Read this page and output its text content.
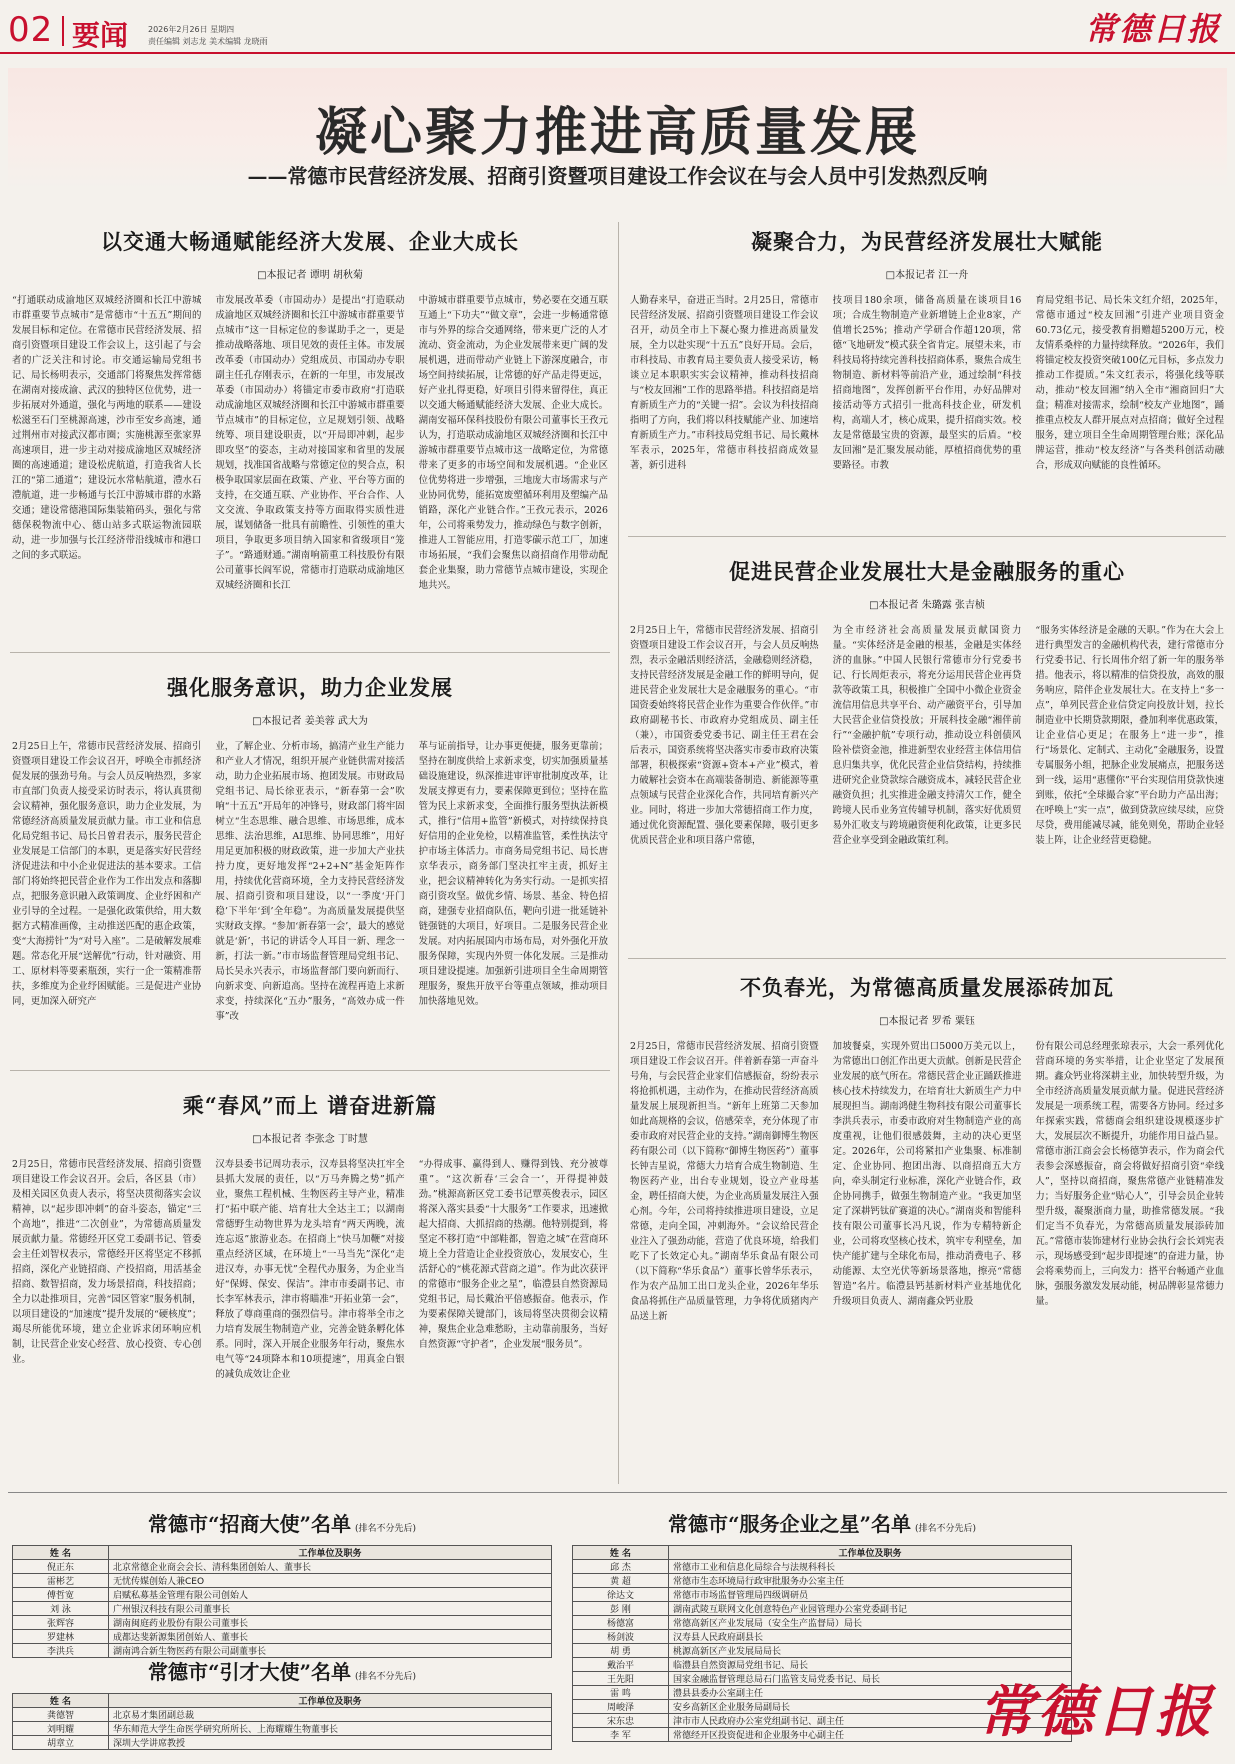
02 要闻 2026年2月26日 星期四
责任编辑 刘志龙 美术编辑 龙晓雨	常德日报
凝心聚力推进高质量发展
——常德市民营经济发展、招商引资暨项目建设工作会议在与会人员中引发热烈反响
以交通大畅通赋能经济大发展、企业大成长
□本报记者 谭明 胡秋菊

“打通联动成渝地区双城经济圈和长江中游城市群重要节点城市”是常德市“十五五”期间的发展目标和定位。在常德市民营经济发展、招商引资暨项目建设工作会议上，这引起了与会者的广泛关注和讨论。市交通运输局党组书记、局长杨明表示，交通部门将聚焦发挥常德在湖南对接成渝、武汉的独特区位优势，进一步拓展对外通道，强化与两地的联系——建设松滋至石门至桃源高速，沙市至安乡高速，通过荆州市对接武汉都市圈；实施桃源至张家界高速项目，进一步主动对接成渝地区双城经济圈的高速通道；建设松虎航道，打造我省人长江的“第二通道”；建设沅水常帖航道，澧水石澧航道，进一步畅通与长江中游城市群的水路交通；建设常德港国际集装箱码头，强化与常德保税物流中心、德山站多式联运物流园联动，进一步加强与长江经济带沿线城市和港口之间的多式联运。

市发展改革委（市国动办）是提出“打造联动成渝地区双城经济圈和长江中游城市群重要节点城市”这一目标定位的参谋助手之一，更是推动战略落地、项目见效的责任主体。市发展改革委（市国动办）党组成员、市国动办专职副主任孔存刚表示，在新的一年里，市发展改革委（市国动办）将锚定市委市政府“打造联动成渝地区双城经济圈和长江中游城市群重要节点城市”的目标定位，立足规划引领、战略统筹、项目建设职责，以“开局即冲刺，起步即攻坚”的姿态，主动对接国家和省里的发展规划，找准国省战略与常德定位的契合点，积极争取国家层面在政策、产业、平台等方面的支持，在交通互联、产业协作、平台合作、人文交流、争取政策支持等方面取得实质性进展，谋划储备一批具有前瞻性、引领性的重大项目，争取更多项目纳入国家和省级项目“笼子”。“路通财通。”湖南响箭重工科技股份有限公司董事长阎军说，常德市打造联动成渝地区双城经济圈和长江

中游城市群重要节点城市，势必要在交通互联互通上“下功夫”“做文章”，会进一步畅通常德市与外界的综合交通网络，带来更广泛的人才流动、资金流动，为企业发展带来更广阔的发展机遇，进而带动产业链上下游深度融合，市场空间持续拓展，让常德的好产品走得更远，好产业扎得更稳，好项目引得来留得住，真正以交通大畅通赋能经济大发展、企业大成长。湖南安福环保科技股份有限公司董事长王孜元认为，打造联动成渝地区双城经济圈和长江中游城市群重要节点城市这一战略定位，为常德带来了更多的市场空间和发展机遇。“企业区位优势将进一步增强，三地庞大市场需求与产业协同优势，能拓宽废塑循环利用及塑编产品销路，深化产业链合作。”王孜元表示，2026年，公司将乘势发力，推动绿色与数字创新，推进人工智能应用，打造零碳示范工厂，加速市场拓展，“我们会聚焦以商招商作用带动配套企业集聚，助力常德节点城市建设，实现企地共兴。

凝聚合力，为民营经济发展壮大赋能
□本报记者 江一舟

人勤春来早，奋进正当时。2月25日，常德市民营经济发展、招商引资暨项目建设工作会议召开，动员全市上下凝心聚力推进高质量发展，全力以赴实现“十五五”良好开局。会后，市科技局、市教育局主要负责人接受采访，畅谈立足本职职实实会议精神，推动科技招商与“校友回湘”工作的思路举措。科技招商是培育新质生产力的“关键一招”。会议为科技招商指明了方向，我们将以科技赋能产业、加速培育新质生产力。”市科技局党组书记、局长戴林军表示，2025年，常德市科技招商成效显著，新引进科

技项目180余项，储备高质量在谈项目16项；合成生物制造产业新增链上企业8家，产值增长25%；推动产学研合作超120项，常德“飞地研发”模式获全省肯定。展望未来，市科技局将持续完善科技招商体系，聚焦合成生物制造、新材料等前沿产业，通过绘制“科技招商地图”，发挥创新平台作用，办好品牌对接活动等方式招引一批高科技企业，研发机构，高端人才，核心成果，提升招商实效。校友是常德最宝贵的资源，最坚实的后盾。“校友回湘”是汇聚发展动能，厚植招商优势的重要路径。市教

育局党组书记、局长朱文红介绍，2025年，常德市通过“校友回湘”引进产业项目资金60.73亿元，接受教育捐赠超5200万元，校友情系桑梓的力量持续释放。“2026年，我们将锚定校友投资突破100亿元目标，多点发力推动工作提质。”朱文红表示，将强化线等联动，推动“校友回湘”纳入全市“湘商回归”大盘；精准对接需求，绘制“校友产业地图”，踊推重点校友人群开展点对点招商；做好全过程服务，建立项目全生命周期管理台账；深化品牌运营，推动“校友经济”与各类科创活动融合，形成双向赋能的良性循环。

促进民营企业发展壮大是金融服务的重心
□本报记者 朱璐露 张吉桢

2月25日上午，常德市民营经济发展、招商引资暨项目建设工作会议召开，与会人员反响热烈，表示金融活则经济活，金融稳则经济稳，支持民营经济发展是金融工作的鲜明导向，促进民营企业发展壮大是金融服务的重心。“市国资委始终将民营企业作为重要合作伙伴。”市政府副秘书长、市政府办党组成员、副主任（兼），市国资委党委书记、副主任王君在会后表示，国资系统将坚决落实市委市政府决策部署，积极探索“资源+资本+产业”模式，着力破解社会资本在高端装备制造、新能源等重点领域与民营企业深化合作，共同培育新兴产业。同时，将进一步加大常德招商工作力度，通过优化资源配置、强化要素保障，吸引更多优质民营企业和项目落户常德，

为全市经济社会高质量发展贡献国资力量。“实体经济是金融的根基，金融是实体经济的血脉。”中国人民银行常德市分行党委书记、行长周炬表示，将充分运用民营企业再贷款等政策工具，积极推广全国中小微企业资金流信用信息共享平台、动产融资平台，引导加大民营企业信贷投放；开展科技金融“湘伴前行”“金融护航”专项行动，推动设立科创债风险补偿资金池，推进新型农业经营主体信用信息归集共享，优化民营企业信贷结构，持续推进研究企业贷款综合融资成本，减轻民营企业融资负担；扎实推进金融支持清欠工作，健全跨境人民币业务宣传辅导机制，落实好优质贸易外汇收支与跨境融资便利化政策，让更多民营企业享受到金融政策红利。

“服务实体经济是金融的天职。”作为在大会上进行典型发言的金融机构代表，建行常德市分行党委书记、行长周伟介绍了新一年的服务举措。他表示，将以精准的信贷投放，高效的服务响应，陪伴企业发展壮大。在支持上“多一点”，单列民营企业信贷定向投放计划，拉长制造业中长期贷款期限，叠加利率优惠政策，让企业信心更足；在服务上“进一步”，推行“场景化、定制式、主动化”金融服务，设置专属服务小组，把脉企业发展痛点，把服务送到一线，运用“惠懂你”平台实现信用贷款快速到账，依托“全球撮合家”平台助力产品出海；在呼唤上“实一点”，做到贷款应续尽续，应贷尽贷，费用能减尽减，能免则免，帮助企业轻装上阵，让企业经营更稳健。

强化服务意识，助力企业发展
□本报记者 姜美蓉 武大为

2月25日上午，常德市民营经济发展、招商引资暨项目建设工作会议召开，呼唤全市抓经济促发展的强劲号角。与会人员反响热烈，多家市直部门负责人接受采访时表示，将认真贯彻会议精神，强化服务意识，助力企业发展，为常德经济高质量发展贡献力量。市工业和信息化局党组书记、局长吕曾君表示，服务民营企业发展是工信部门的本职，更是落实好民营经济促进法和中小企业促进法的基本要求。工信部门将始终把民营企业作为工作出发点和落脚点，把服务意识融入政策调度、企业纾困和产业引导的全过程。一是强化政策供给，用大数据方式精准画像，主动推送匹配的惠企政策，变“大海捞针”为“对号入座”。二是破解发展难题。常态化开展“送解优”行动，针对融资、用工、原材料等要素瓶颈，实行一企一策精准帮扶，多维度为企业纾困赋能。三是促进产业协同，更加深入研究产

业，了解企业、分析市场，搞清产业生产能力和产业人才情况，组织开展产业链供需对接活动，助力企业拓展市场、抱团发展。市财政局党组书记、局长徐亚表示，“新春第一会”吹响“十五五”开局年的冲锋号，财政部门将牢固树立“生态思维、融合思维、市场思维，成本思维、法治思维，AI思维、协同思维”，用好用足更加积极的财政政策，进一步加大产业扶持力度，更好地发挥“2+2+N”基金矩阵作用，持续优化营商环境，全力支持民营经济发展、招商引资和项目建设，以“一季度‘开门稳’下半年‘到’全年稳”。为高质量发展提供坚实财政支撑。“参加‘新春第一会’，最大的感觉就是‘新’，书记的讲话令人耳目一新、理念一新，打法一新。”市市场监督管理局党组书记、局长吴永兴表示，市场监督部门要向新而行、向新求变、向新追高。坚持在流程再造上求新求变，持续深化“五办”服务，“高效办成一件事”改

革与证前指导，让办事更便捷，服务更靠前；坚持在制度供给上求新求变，切实加强质量基础设施建设，纵深推进审评审批制度改革，让发展支撑更有力，要素保障更到位；坚持在监管为民上求新求变，全面推行服务型执法新模式，推行“信用+监管”新模式，对持续保持良好信用的企业免检，以精准监管，柔性执法守护市场主体活力。市商务局党组书记、局长唐京华表示，商务部门坚决扛牢主责，抓好主业，把会议精神转化为务实行动。一是抓实招商引资攻坚。做优乡情、场景、基金、特色招商，建强专业招商队伍，靶向引进一批延链补链强链的大项目，好项目。二是服务民营企业发展。对内拓展国内市场布局，对外强化开放服务保障，实现内外贸一体化发展。三是推动项目建设提速。加强新引进项目全生命周期管理服务，聚焦开放平台等重点领域，推动项目加快落地见效。

不负春光，为常德高质量发展添砖加瓦
□本报记者 罗希 粟钰

2月25日，常德市民营经济发展、招商引资暨项目建设工作会议召开。伴着新春第一声奋斗号角，与会民营企业家们信感振奋，纷纷表示将抢抓机遇，主动作为，在推动民营经济高质量发展上展现新担当。“新年上班第二天参加如此高规格的会议，倍感荣幸，充分体现了市委市政府对民营企业的支持。”湖南御博生物医药有限公司（以下简称“御博生物医药”）董事长钟吉星说，常德大力培育合成生物制造、生物医药产业，出台专业规划，设立产业母基金，聘任招商大使，为企业高质量发展注入强心剂。今年，公司将持续推进项目建设，立足常德，走向全国，冲刺海外。“会议给民营企业注入了强劲动能，营造了优良环境，给我们吃下了长效定心丸。”湖南华乐食品有限公司（以下简称“华乐食品”）董事长曾华乐表示，作为农产品加工出口龙头企业，2026年华乐食品将抓住产品质量管理，力争将优质猪肉产品送上新

加坡餐桌，实现外贸出口5000万美元以上，为常德出口创汇作出更大贡献。创新是民营企业发展的底气所在。常德民营企业正踊跃推进核心技术持续发力，在培育壮大新质生产力中展现担当。湖南鸿健生物科技有限公司董事长李洪兵表示，市委市政府对生物制造产业的高度重视，让他们很感鼓舞，主动的决心更坚定。2026年，公司将紧扣产业集聚、标准制定、企业协同、抱团出海、以商招商五大方向，牵头制定行业标准，深化产业链合作，政企协同携手，做强生物制造产业。“我更加坚定了深耕钙钛矿赛道的决心。”湖南炎和智能科技有限公司董事长冯凡说，作为专精特新企业，公司将攻坚核心技术，筑牢专利壁垒，加快产能扩建与全球化布局，推动消费电子、移动能源、太空光伏等新场景落地，擦亮“常德智造”名片。临澧县钙基新材料产业基地优化升级项目负责人、湖南鑫众钙业股

份有限公司总经理张琼表示，大会一系列优化营商环境的务实举措，让企业坚定了发展预期。鑫众钙业将深耕主业，加快转型升级，为全市经济高质量发展贡献力量。促进民营经济发展是一项系统工程，需要各方协同。经过多年探索实践，常德商会组织建设规模逐步扩大，发展层次不断提升，功能作用日益凸显。常德市浙江商会会长杨德笋表示，作为商会代表参会深感振奋，商会将做好招商引资“牵线人”，坚持以商招商，聚焦常德产业链精准发力；当好服务企业“贴心人”，引导会员企业转型升级，凝聚浙商力量，助推常德发展。“我们定当不负春光，为常德高质量发展添砖加瓦。”常德市装饰建材行业协会执行会长刘宪表示，现场感受到“起步即提速”的奋进力量，协会将乘势而上，三向发力：搭平台畅通产业血脉，强服务激发发展动能，树品牌彰显常德力量。

乘“春风”而上 谱奋进新篇
□本报记者 李张念 丁时慧

2月25日，常德市民营经济发展、招商引资暨项目建设工作会议召开。会后，各区县（市）及相关园区负责人表示，将坚决贯彻落实会议精神，以“起步即冲刺”的奋斗姿态，锚定“三个高地”，推进“二次创业”，为常德高质量发展贡献力量。常德经开区党工委副书记、管委会主任刘智权表示，常德经开区将坚定不移抓招商，深化产业链招商、产投招商，用活基金招商、数智招商，发力场景招商，科技招商；全力以赴推项目，完善“园区管家”服务机制，以项目建设的“加速度”提升发展的“硬核度”；竭尽所能优环境，建立企业诉求闭环响应机制，让民营企业安心经营、放心投资、专心创业。

汉寿县委书记周功表示，汉寿县将坚决扛牢全县抓大发展的责任，以“万马奔腾之势”抓产业，聚焦工程机械、生物医药主导产业，精准打“拓中联产能、培育壮大全达主工；以湖南常德野生动物世界为龙头培育“两天两晚，流连忘返”旅游业态。在招商上“快马加鞭”对接重点经济区域，在环境上“一马当先”深化“走进汉寿，办事无忧”全程代办服务，为企业当好“保姆、保安、保洁”。津市市委副书记、市长李军林表示，津市将瞄准“开拓业第一会”，释放了尊商重商的强烈信号。津市将举全市之力培育发展生物制造产业，完善金链条孵化体系。同时，深入开展企业服务年行动，聚焦水电气等“24项降本和10项提速”，用真金白银的减负成效让企业

“办得成事、赢得到人、赚得到钱、充分被尊重”。“这次新春‘三会合一’，开得提神鼓劲。”桃源高新区党工委书记覃英俊表示，园区将深入落实县委“十大服务”工作要求，迅速掀起大招商、大抓招商的热潮。他特别提到，将坚定不移打造“中部鞋都，智造之城”在营商环境上全力营造让企业投资放心，发展安心，生活舒心的“桃花源式营商之道”。作为此次获评的常德市“服务企业之星”，临澧县自然资源局党组书记，局长戴治平倍感振奋。他表示，作为要素保障关键部门，该局将坚决贯彻会议精神，聚焦企业急难愁盼，主动靠前服务，当好自然资源“守护者”，企业发展“服务员”。

常德市“招商大使”名单 (排名不分先后)
姓 名	工作单位及职务
倪正东	北京常德企业商会会长、清科集团创始人、董事长
雷彬艺	无忧传媒创始人兼CEO
傅哲宽	启赋私募基金管理有限公司创始人
刘 泳	广州银汉科技有限公司董事长
张辉容	湖南闽庭药业股份有限公司董事长
罗建林	成都达斐新源集团创始人、董事长
李洪兵	湖南鸿合新生物医药有限公司副董事长
常德市“引才大使”名单 (排名不分先后)
姓 名	工作单位及职务
龚德智	北京易才集团副总裁
刘明耀	华东师范大学生命医学研究所所长、上海耀耀生物董事长
胡章立	深圳大学讲席教授
常德市“服务企业之星”名单 (排名不分先后)
姓 名	工作单位及职务
邱 杰	常德市工业和信息化局综合与法规科科长
黄 超	常德市生态环境局行政审批服务办公室主任
徐达文	常德市市场监督管理局四级调研员
彭 刚	湖南武陵互联网文化创意特色产业园管理办公室党委副书记
杨德富	常德高新区产业发展局（安全生产监督局）局长
杨剑波	汉寿县人民政府副县长
胡 勇	桃源高新区产业发展局局长
戴治平	临澧县自然资源局党组书记、局长
王先阳	国家金融监督管理总局石门监管支局党委书记、局长
雷 鸣	澧县县委办公室副主任
周峻泽	安乡高新区企业服务局副局长
宋东忠	津市市人民政府办公室党组副书记、副主任
李 军	常德经开区投资促进和企业服务中心副主任 常德日报
